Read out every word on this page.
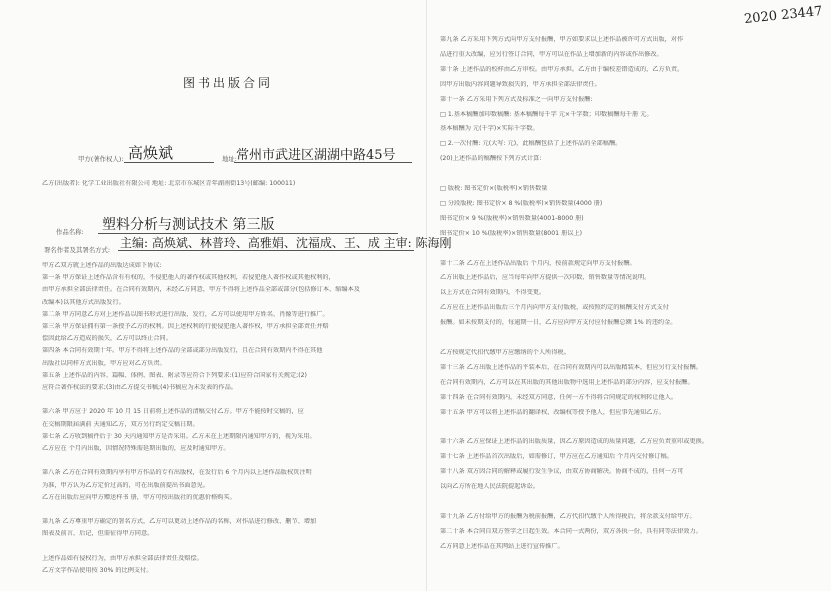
2020 23447
图书出版合同
甲方(著作权人): 高焕斌	地址: 常州市武进区湖湖中路45号
乙方(出版者): 化学工业出版社有限公司 地址: 北京市东城区青年湖南街13号(邮编: 100011)
作品名称: 塑料分析与测试技术 第三版
署名作者及其署名方式: 主编: 高焕斌、林普玲、高雅娟、沈福成、王、成 主审: 陈海刚
甲方乙双方就上述作品的出版达成如下协议:
第一条 甲方保证上述作品含有有权的，不侵犯他人的著作权或其他权利，若侵犯他人著作权或其他权利的，
由甲方承担全部法律责任。在合同有效期内，未经乙方同意，甲方不得将上述作品全部或部分(包括修订本、缩编本及
改编本)以其他方式出版发行。
第二条 甲方同意乙方对上述作品以图书形式进行出版、发行，乙方可以使用甲方姓名、肖像等进行推广。
第三条 甲方保证拥有第一条授予乙方的权利。因上述权利的行使侵犯他人著作权，甲方承担全部责任并赔
偿因此给乙方造成的损失，乙方可以终止合同。
第四条 本合同有效期十年。甲方不得将上述作品的全部或部分出版发行，且在合同有效期内不得在其他
出版社以同样方式出版，甲方应对乙方负责。
第五条 上述作品的内容、篇幅、体例、图表、附录等应符合下列要求:(1)应符合国家有关规定;(2)
应符合著作权法的要求;(3)由乙方提交书稿;(4)书稿应为未发表的作品。
第六条 甲方应于 2020 年 10 月 15 日前将上述作品的清稿交付乙方。甲方不能按时交稿的，应
在交稿期限届满前 天通知乙方，双方另行约定交稿日期。
第七条 乙方收到稿件后于 30 天内通知甲方是否采用。乙方未在上述期限内通知甲方的，视为采用。
乙方应在 个月内出版，因情况特殊需延期出版的，应及时通知甲方。
第八条 乙方在合同有效期内享有甲方作品的专有出版权，在发行后 6 个月内以上述作品版权页注明
为准，甲方认为乙方定价过高的，可在出版前提出书面意见。
乙方在出版后应向甲方赠送样书 册，甲方可按出版社的优惠价格购买。
第九条 乙方尊重甲方确定的署名方式，乙方可以更动上述作品的名称，对作品进行修改、删节、增加
图表及前言、后记，但需征得甲方同意。
上述作品如有侵权行为，由甲方承担全部法律责任及赔偿。
乙方文字作品使用按 30% 的比例支付。
第九条 乙方采用下列方式向甲方支付报酬，甲方如要求以上述作品被许可方式出版，对作
品进行重大改编，应另行签订合同，甲方可以在作品上增加新的内容或作出修改。
第十条 上述作品的校样由乙方审校。由甲方承担。乙方由于编校差错造成的，乙方负责。
因甲方出版内容问题导致损失的，甲方承担全部法律责任。
第十一条 乙方采用下列方式及标准之一向甲方支付报酬:
□ 1.基本稿酬加印数稿酬: 基本稿酬每千字 元×千字数；印数稿酬每千册 元。
基本稿酬为 元(千字)×实际千字数。
□ 2.一次付酬: 元(大写: 元)，此稿酬包括了上述作品的全部稿酬。
(20)上述作品的稿酬按下列方式计算:
□ 版税: 图书定价×(版税率)×销售数量
□ 分段版税: 图书定价× 8 %(版税率)×销售数量(4000 册)
图书定价× 9 %(版税率)×销售数量(4001-8000 册)
图书定价× 10 %(版税率)×销售数量(8001 册以上)
第十二条 乙方在上述作品出版后 个月内，按前款规定向甲方支付报酬。
乙方出版上述作品后，应当每年向甲方提供一次印数、销售数量等情况说明。
以上方式在合同有效期内，不得变更。
乙方应在上述作品出版后三个月内向甲方支付版税，或按照约定的稿酬支付方式支付
报酬。如未按期支付的，每逾期一日，乙方应向甲方支付应付报酬总额 1% 的违约金。
乙方按规定代扣代缴甲方应缴纳的个人所得税。
第十三条 乙方出版上述作品的平装本后，在合同有效期内可以出版精装本，但应另行支付报酬。
在合同有效期内，乙方可以在其出版的其他出版物中选用上述作品的部分内容，应支付报酬。
第十四条 在合同有效期内，未经双方同意，任何一方不得将合同规定的权利转让他人。
第十五条 甲方可以将上述作品的翻译权、改编权等授予他人，但应事先通知乙方。
第十六条 乙方应保证上述作品的出版质量，因乙方原因造成的质量问题，乙方应负责重印或更换。
第十七条 上述作品首次出版后，如需修订，甲方应在乙方通知后 个月内交付修订稿。
第十八条 双方因合同的解释或履行发生争议，由双方协商解决。协商不成的，任何一方可
以向乙方所在地人民法院提起诉讼。
第十九条 乙方付给甲方的报酬为税前报酬，乙方代扣代缴个人所得税后，将余款支付给甲方。
第二十条 本合同自双方签字之日起生效。本合同一式两份，双方各执一份，具有同等法律效力。
乙方同意上述作品在其网站上进行宣传推广。
